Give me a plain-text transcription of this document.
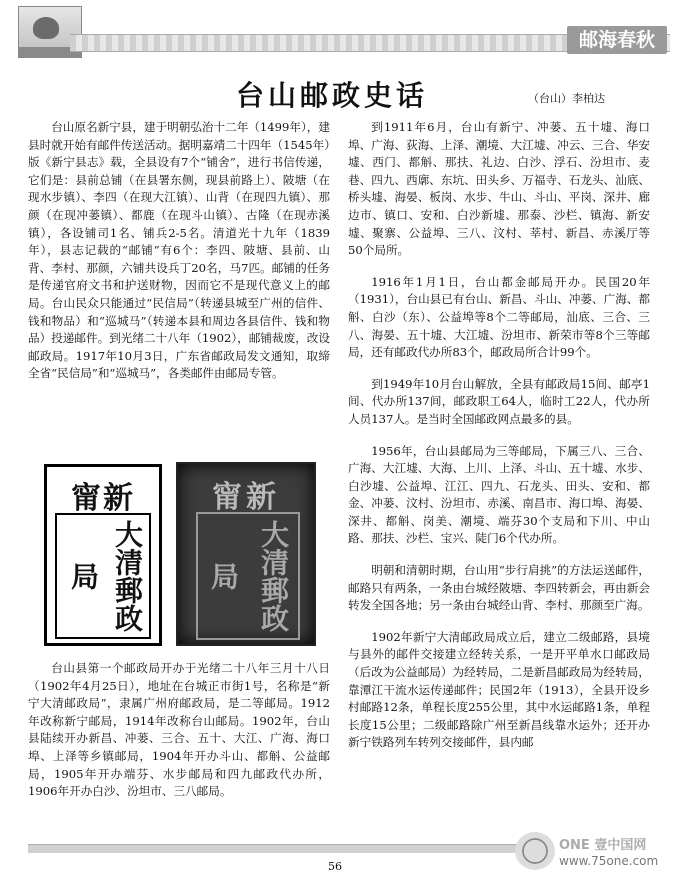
邮海春秋
台山邮政史话	（台山）李柏达

台山原名新宁县，建于明朝弘治十二年（1499年），建县时就开始有邮件传送活动。据明嘉靖二十四年（1545年）版《新宁县志》载，全县设有7个“铺舍”，进行书信传递，它们是：县前总铺（在县署东侧，现县前路上）、陂塘（在现水步镇）、李四（在现大江镇）、山背（在现四九镇）、那颜（在现冲蒌镇）、都鹿（在现斗山镇）、古隆（在现赤溪镇），各设铺司1名、铺兵2-5名。清道光十九年（1839年），县志记载的“邮铺”有6个：李四、陂塘、县前、山背、李村、那颜，六铺共设兵丁20名，马7匹。邮铺的任务是传递官府文书和护送财物，因而它不是现代意义上的邮局。台山民众只能通过“民信局”（转递县城至广州的信件、钱和物品）和“巡城马”（转递本县和周边各县信件、钱和物品）投递邮件。到光绪二十八年（1902），邮铺裁废，改设邮政局。1917年10月3日，广东省邮政局发文通知，取缔全省“民信局”和“巡城马”，各类邮件由邮局专管。

甯新
大清郵政局
甯新
大清郵政局

台山县第一个邮政局开办于光绪二十八年三月十八日（1902年4月25日），地址在台城正市街1号，名称是“新宁大清邮政局”，隶属广州府邮政局，是二等邮局。1912年改称新宁邮局，1914年改称台山邮局。1902年，台山县陆续开办新昌、冲蒌、三合、五十、大江、广海、海口埠、上泽等乡镇邮局，1904年开办斗山、都斛、公益邮局，1905年开办端芬、水步邮局和四九邮政代办所，1906年开办白沙、汾坦市、三八邮局。

到1911年6月，台山有新宁、冲蒌、五十墟、海口埠、广海、荻海、上泽、潮境、大江墟、冲云、三合、华安墟、西门、都斛、那扶、礼边、白沙、浮石、汾坦市、麦巷、四九、西廓、东坑、田头乡、万福寺、石龙头、汕底、桥头墟、海晏、板岗、水步、牛山、斗山、平岗、深井、廊边市、镇口、安和、白沙新墟、那泰、沙栏、镇海、新安墟、聚寨、公益埠、三八、汶村、莘村、新昌、赤溪厅等50个局所。

1916年1月1日，台山都金邮局开办。民国20年（1931），台山县已有台山、新昌、斗山、冲蒌、广海、都斛、白沙（东）、公益埠等8个二等邮局，汕底、三合、三八、海晏、五十墟、大江墟、汾坦市、新荣市等8个三等邮局，还有邮政代办所83个，邮政局所合计99个。

到1949年10月台山解放，全县有邮政局15间、邮亭1间、代办所137间，邮政职工64人，临时工22人，代办所人员137人。是当时全国邮政网点最多的县。

1956年，台山县邮局为三等邮局，下属三八、三合、广海、大江墟、大海、上川、上泽、斗山、五十墟、水步、白沙墟、公益埠、江江、四九、石龙头、田头、安和、都金、冲蒌、汶村、汾坦市、赤溪、南昌市、海口埠、海晏、深井、都斛、岗美、潮境、端芬30个支局和下川、中山路、那扶、沙栏、宝兴、陡门6个代办所。

明朝和清朝时期，台山用“步行肩挑”的方法运送邮件，邮路只有两条，一条由台城经陂塘、李四转新会，再由新会转发全国各地；另一条由台城经山背、李村、那颜至广海。

1902年新宁大清邮政局成立后，建立二级邮路，县境与县外的邮件交接建立经转关系，一是开平单水口邮政局（后改为公益邮局）为经转局，二是新昌邮政局为经转局，靠潭江干流水运传递邮件；民国2年（1913），全县开设乡村邮路12条，单程长度255公里，其中水运邮路1条，单程长度15公里；二级邮路除广州至新昌线靠水运外；还开办新宁铁路列车转列交接邮件，县内邮

56
ONE 壹中国网
www.75one.com
